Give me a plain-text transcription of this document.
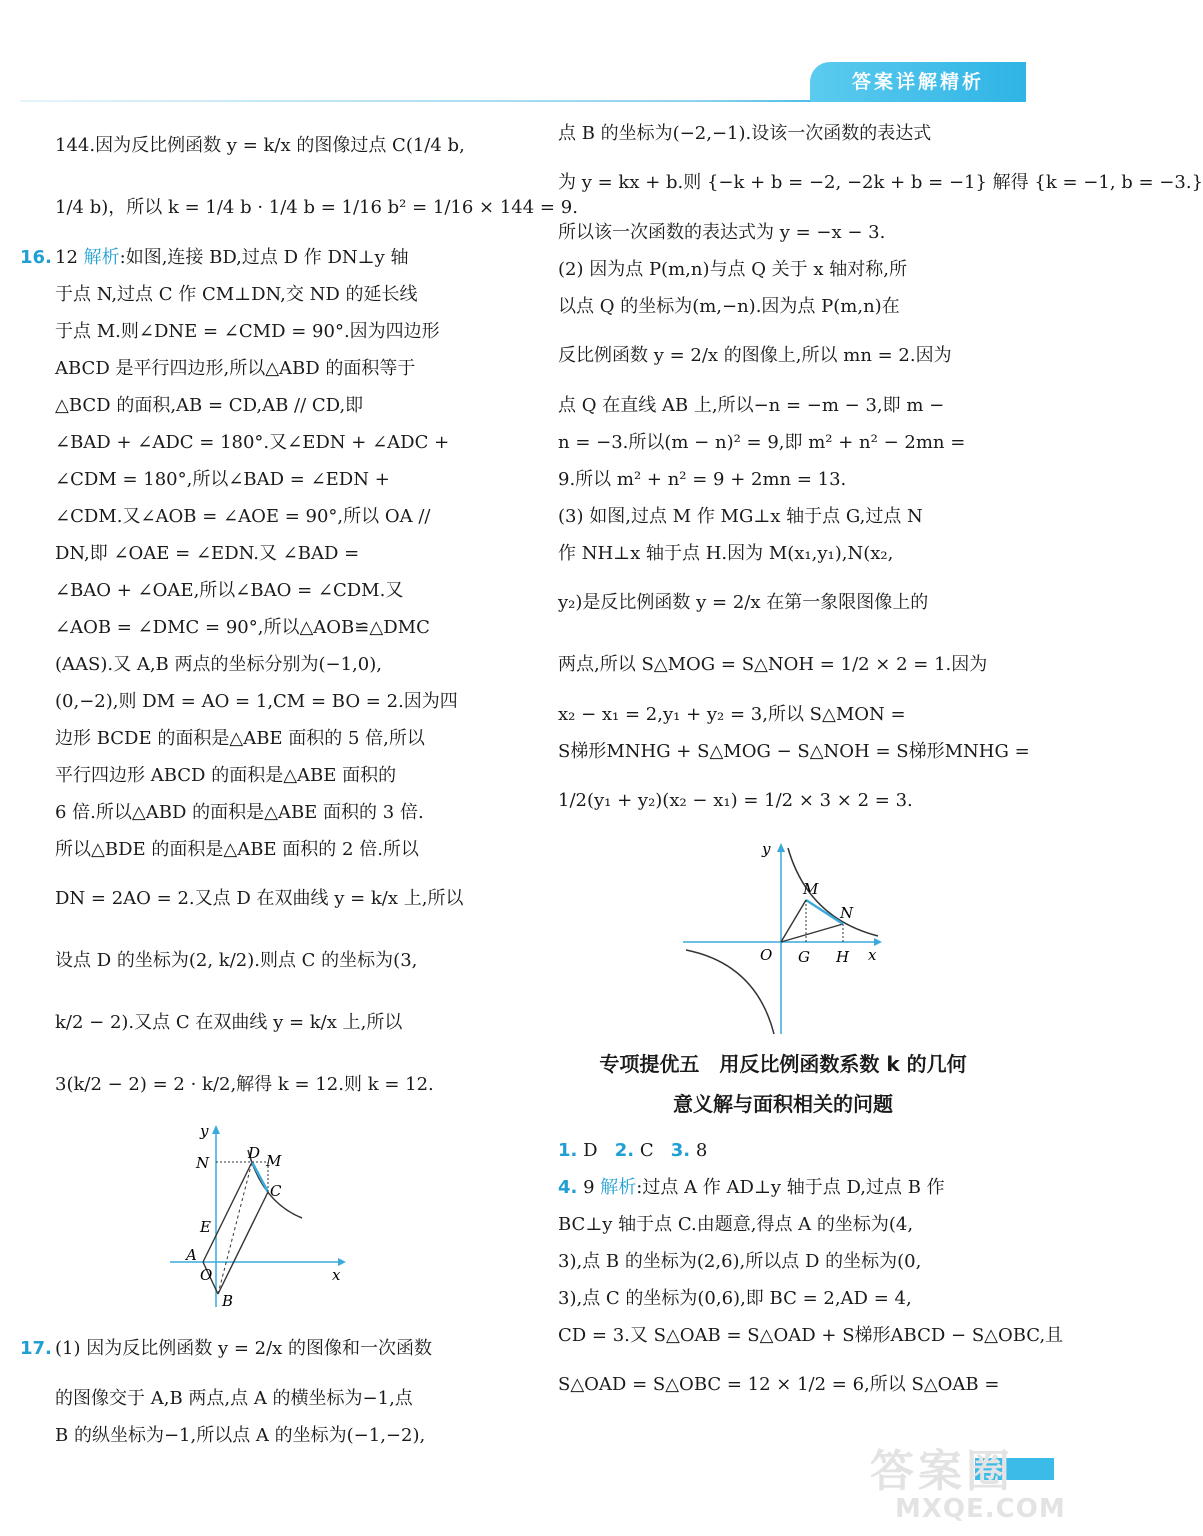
答案详解精析

144.因为反比例函数 y = k/x 的图像过点 C(1/4 b,

1/4 b)，所以 k = 1/4 b · 1/4 b = 1/16 b² = 1/16 × 144 = 9.

16. 12 解析:如图,连接 BD,过点 D 作 DN⊥y 轴

于点 N,过点 C 作 CM⊥DN,交 ND 的延长线

于点 M.则∠DNE = ∠CMD = 90°.因为四边形

ABCD 是平行四边形,所以△ABD 的面积等于

△BCD 的面积,AB = CD,AB // CD,即

∠BAD + ∠ADC = 180°.又∠EDN + ∠ADC +

∠CDM = 180°,所以∠BAD = ∠EDN +

∠CDM.又∠AOB = ∠AOE = 90°,所以 OA //

DN,即 ∠OAE = ∠EDN.又 ∠BAD =

∠BAO + ∠OAE,所以∠BAO = ∠CDM.又

∠AOB = ∠DMC = 90°,所以△AOB≌△DMC

(AAS).又 A,B 两点的坐标分别为(−1,0),

(0,−2),则 DM = AO = 1,CM = BO = 2.因为四

边形 BCDE 的面积是△ABE 面积的 5 倍,所以

平行四边形 ABCD 的面积是△ABE 面积的

6 倍.所以△ABD 的面积是△ABE 面积的 3 倍.

所以△BDE 的面积是△ABE 面积的 2 倍.所以

DN = 2AO = 2.又点 D 在双曲线 y = k/x 上,所以

设点 D 的坐标为(2, k/2).则点 C 的坐标为(3,

k/2 − 2).又点 C 在双曲线 y = k/x 上,所以

3(k/2 − 2) = 2 · k/2,解得 k = 12.则 k = 12.

y
x
N
D M
C
E
A
O
B

17. (1) 因为反比例函数 y = 2/x 的图像和一次函数

的图像交于 A,B 两点,点 A 的横坐标为−1,点

B 的纵坐标为−1,所以点 A 的坐标为(−1,−2),

点 B 的坐标为(−2,−1).设该一次函数的表达式

为 y = kx + b.则 {−k + b = −2, −2k + b = −1} 解得 {k = −1, b = −3.}

所以该一次函数的表达式为 y = −x − 3.

(2) 因为点 P(m,n)与点 Q 关于 x 轴对称,所

以点 Q 的坐标为(m,−n).因为点 P(m,n)在

反比例函数 y = 2/x 的图像上,所以 mn = 2.因为

点 Q 在直线 AB 上,所以−n = −m − 3,即 m −

n = −3.所以(m − n)² = 9,即 m² + n² − 2mn =

9.所以 m² + n² = 9 + 2mn = 13.

(3) 如图,过点 M 作 MG⊥x 轴于点 G,过点 N

作 NH⊥x 轴于点 H.因为 M(x₁,y₁),N(x₂,

y₂)是反比例函数 y = 2/x 在第一象限图像上的

两点,所以 S△MOG = S△NOH = 1/2 × 2 = 1.因为

x₂ − x₁ = 2,y₁ + y₂ = 3,所以 S△MON =

S梯形MNHG + S△MOG − S△NOH = S梯形MNHG =

1/2(y₁ + y₂)(x₂ − x₁) = 1/2 × 3 × 2 = 3.

y
x
O G H
M
N

专项提优五　用反比例函数系数 k 的几何

意义解与面积相关的问题

1. D 2. C 3. 8

4. 9 解析:过点 A 作 AD⊥y 轴于点 D,过点 B 作

BC⊥y 轴于点 C.由题意,得点 A 的坐标为(4,

3),点 B 的坐标为(2,6),所以点 D 的坐标为(0,

3),点 C 的坐标为(0,6),即 BC = 2,AD = 4,

CD = 3.又 S△OAB = S△OAD + S梯形ABCD − S△OBC,且

S△OAD = S△OBC = 12 × 1/2 = 6,所以 S△OAB =

答案圈
MXQE.COM
